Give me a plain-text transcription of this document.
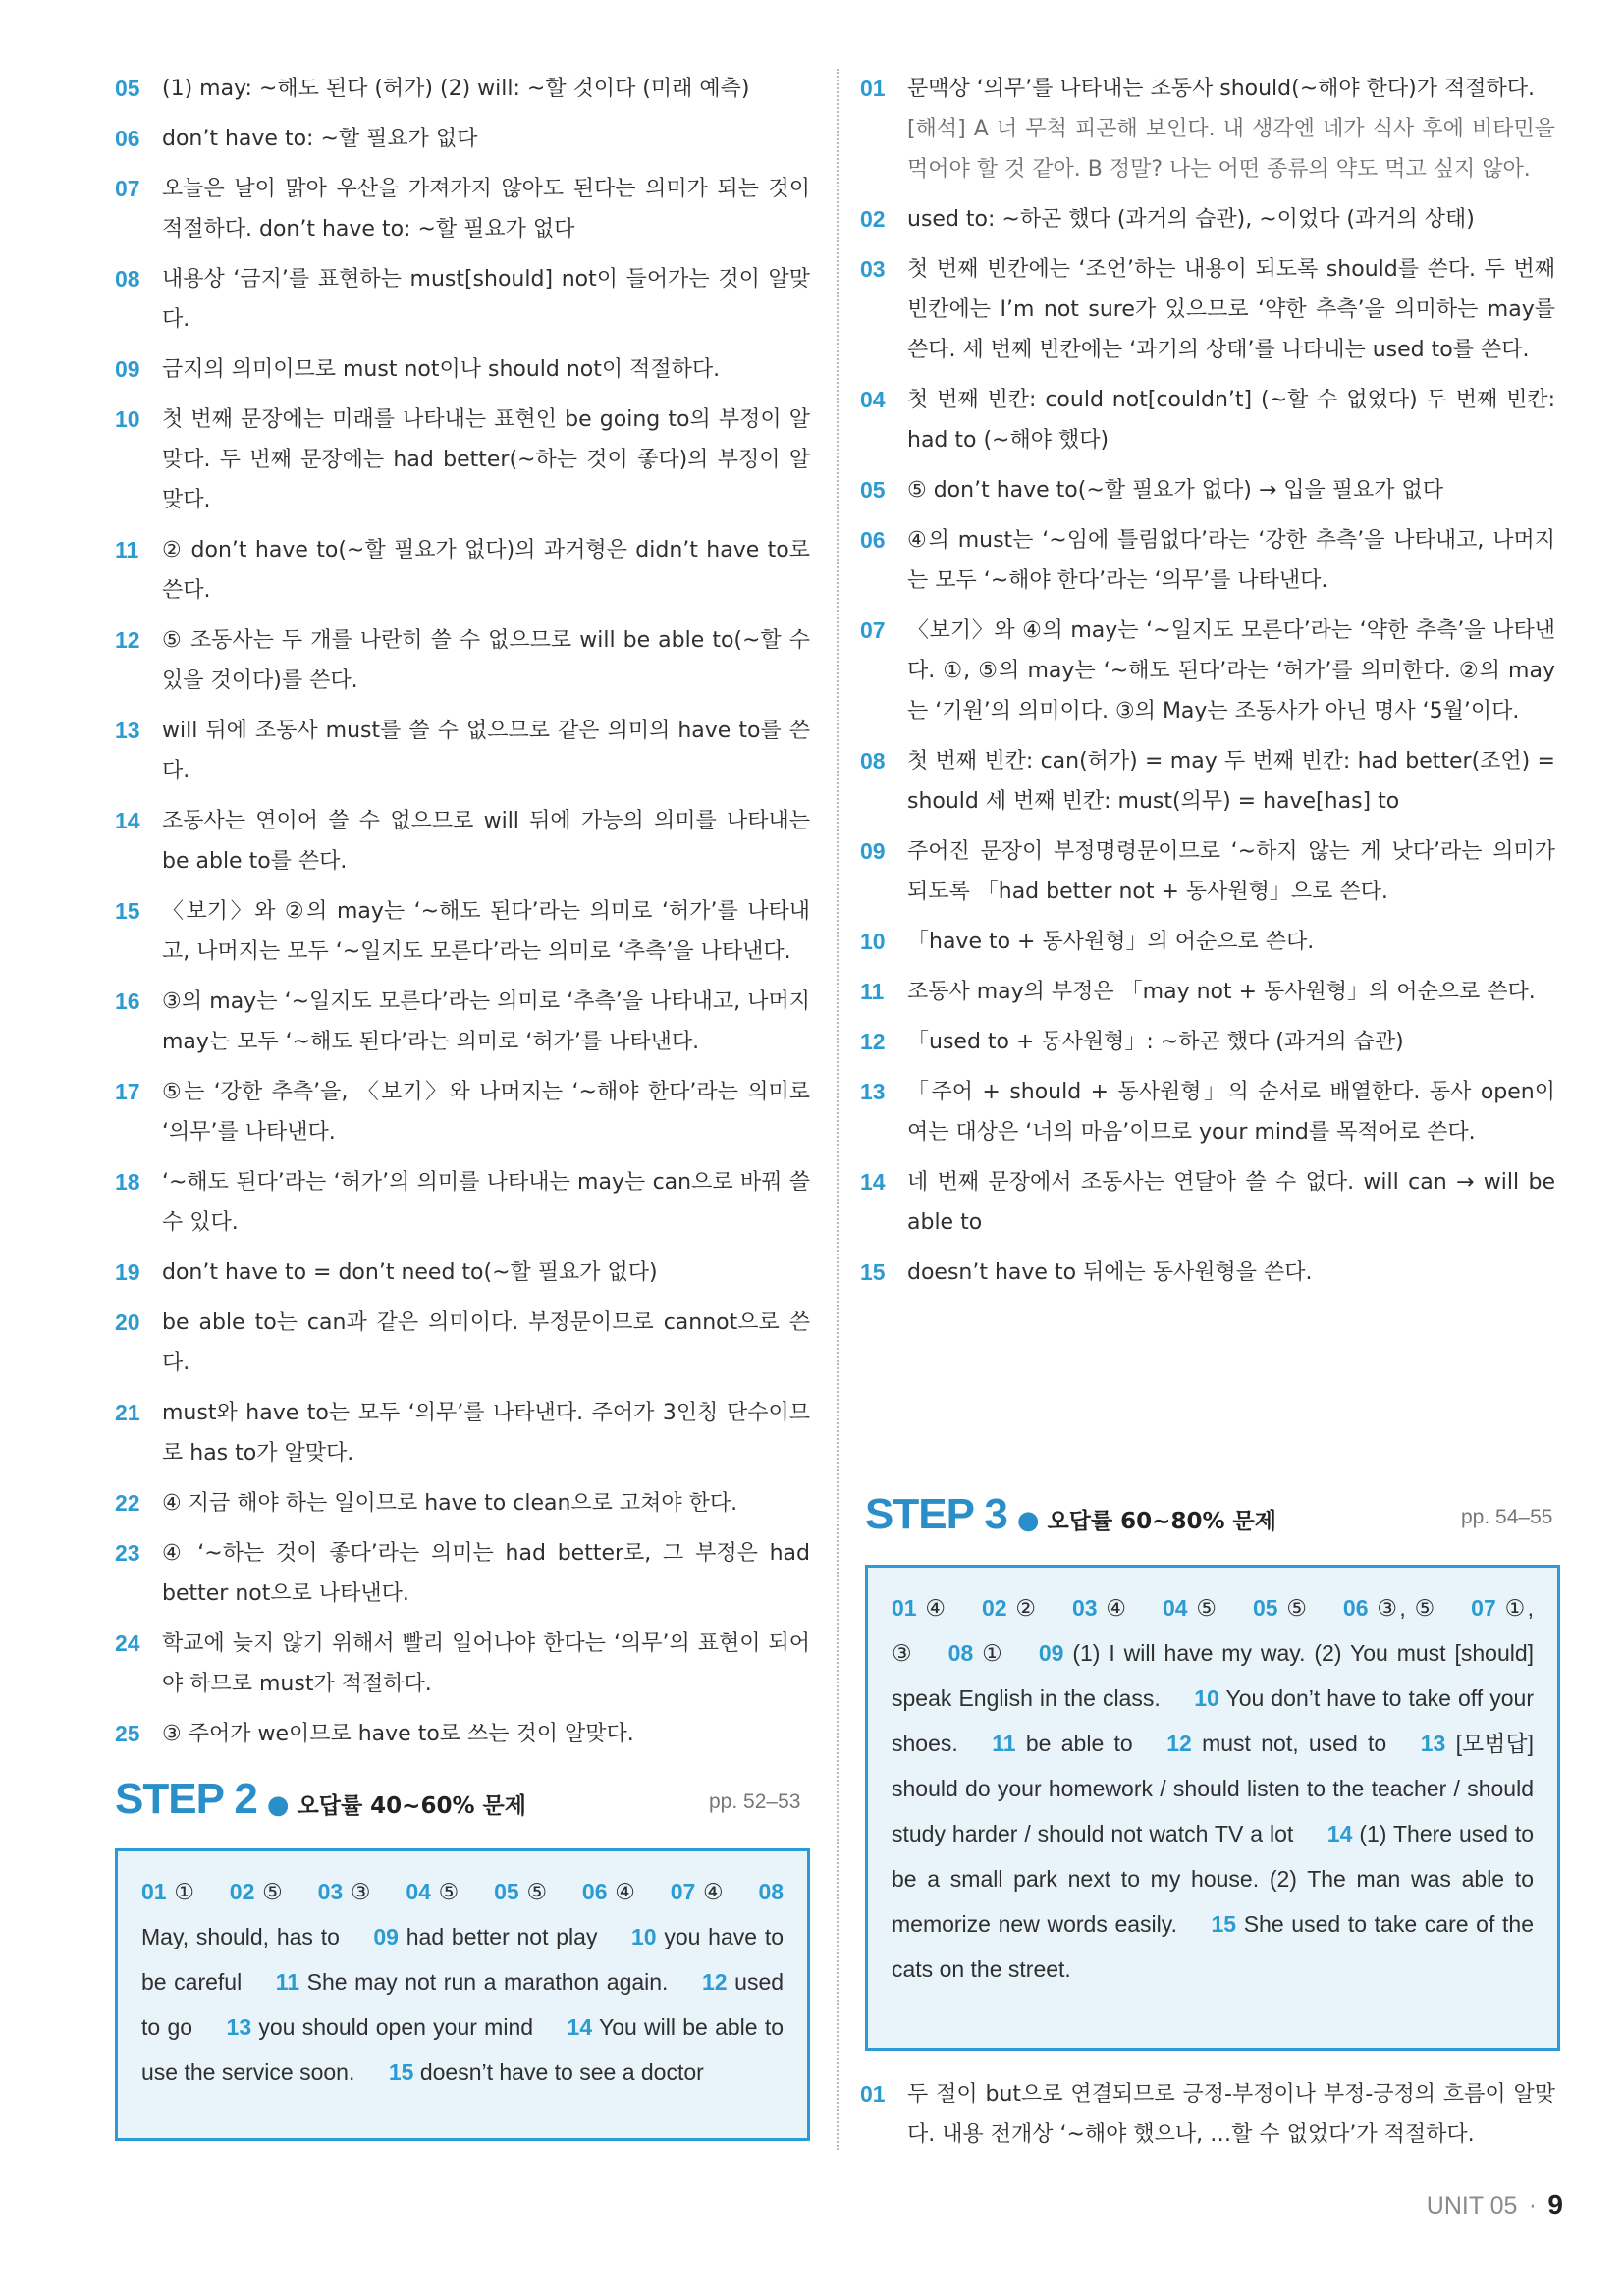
05	(1) may: ~해도 된다 (허가) (2) will: ~할 것이다 (미래 예측)
06	don’t have to: ~할 필요가 없다
07	오늘은 날이 맑아 우산을 가져가지 않아도 된다는 의미가 되는 것이 적절하다. don’t have to: ~할 필요가 없다
08	내용상 ‘금지’를 표현하는 must[should] not이 들어가는 것이 알맞다.
09	금지의 의미이므로 must not이나 should not이 적절하다.
10	첫 번째 문장에는 미래를 나타내는 표현인 be going to의 부정이 알맞다. 두 번째 문장에는 had better(~하는 것이 좋다)의 부정이 알맞다.
11	② don’t have to(~할 필요가 없다)의 과거형은 didn’t have to로 쓴다.
12	⑤ 조동사는 두 개를 나란히 쓸 수 없으므로 will be able to(~할 수 있을 것이다)를 쓴다.
13	will 뒤에 조동사 must를 쓸 수 없으므로 같은 의미의 have to를 쓴다.
14	조동사는 연이어 쓸 수 없으므로 will 뒤에 가능의 의미를 나타내는 be able to를 쓴다.
15	〈보기〉와 ②의 may는 ‘~해도 된다’라는 의미로 ‘허가’를 나타내고, 나머지는 모두 ‘~일지도 모른다’라는 의미로 ‘추측’을 나타낸다.
16	③의 may는 ‘~일지도 모른다’라는 의미로 ‘추측’을 나타내고, 나머지 may는 모두 ‘~해도 된다’라는 의미로 ‘허가’를 나타낸다.
17	⑤는 ‘강한 추측’을, 〈보기〉와 나머지는 ‘~해야 한다’라는 의미로 ‘의무’를 나타낸다.
18	‘~해도 된다’라는 ‘허가’의 의미를 나타내는 may는 can으로 바꿔 쓸 수 있다.
19	don’t have to = don’t need to(~할 필요가 없다)
20	be able to는 can과 같은 의미이다. 부정문이므로 cannot으로 쓴다.
21	must와 have to는 모두 ‘의무’를 나타낸다. 주어가 3인칭 단수이므로 has to가 알맞다.
22	④ 지금 해야 하는 일이므로 have to clean으로 고쳐야 한다.
23	④ ‘~하는 것이 좋다’라는 의미는 had better로, 그 부정은 had better not으로 나타낸다.
24	학교에 늦지 않기 위해서 빨리 일어나야 한다는 ‘의무’의 표현이 되어야 하므로 must가 적절하다.
25	③ 주어가 we이므로 have to로 쓰는 것이 알맞다.
STEP 2 ● 오답률 40~60% 문제	pp. 52–53
01 ①   02 ⑤   03 ③   04 ⑤   05 ⑤   06 ④   07 ④   08 May, should, has to   09 had better not play   10 you have to be careful   11 She may not run a marathon again.   12 used to go   13 you should open your mind   14 You will be able to use the service soon.   15 doesn’t have to see a doctor  
01	문맥상 ‘의무’를 나타내는 조동사 should(~해야 한다)가 적절하다.
[해석] A 너 무척 피곤해 보인다. 내 생각엔 네가 식사 후에 비타민을 먹어야 할 것 같아. B 정말? 나는 어떤 종류의 약도 먹고 싶지 않아.
02	used to: ~하곤 했다 (과거의 습관), ~이었다 (과거의 상태)
03	첫 번째 빈칸에는 ‘조언’하는 내용이 되도록 should를 쓴다. 두 번째 빈칸에는 I’m not sure가 있으므로 ‘약한 추측’을 의미하는 may를 쓴다. 세 번째 빈칸에는 ‘과거의 상태’를 나타내는 used to를 쓴다.
04	첫 번째 빈칸: could not[couldn’t] (~할 수 없었다) 두 번째 빈칸: had to (~해야 했다)
05	⑤ don’t have to(~할 필요가 없다) → 입을 필요가 없다
06	④의 must는 ‘~임에 틀림없다’라는 ‘강한 추측’을 나타내고, 나머지는 모두 ‘~해야 한다’라는 ‘의무’를 나타낸다.
07	〈보기〉와 ④의 may는 ‘~일지도 모른다’라는 ‘약한 추측’을 나타낸다. ①, ⑤의 may는 ‘~해도 된다’라는 ‘허가’를 의미한다. ②의 may는 ‘기원’의 의미이다. ③의 May는 조동사가 아닌 명사 ‘5월’이다.
08	첫 번째 빈칸: can(허가) = may 두 번째 빈칸: had better(조언) = should 세 번째 빈칸: must(의무) = have[has] to
09	주어진 문장이 부정명령문이므로 ‘~하지 않는 게 낫다’라는 의미가 되도록 「had better not + 동사원형」으로 쓴다.
10	「have to + 동사원형」의 어순으로 쓴다.
11	조동사 may의 부정은 「may not + 동사원형」의 어순으로 쓴다.
12	「used to + 동사원형」: ~하곤 했다 (과거의 습관)
13	「주어 + should + 동사원형」의 순서로 배열한다. 동사 open이 여는 대상은 ‘너의 마음’이므로 your mind를 목적어로 쓴다.
14	네 번째 문장에서 조동사는 연달아 쓸 수 없다. will can → will be able to
15	doesn’t have to 뒤에는 동사원형을 쓴다.
STEP 3 ● 오답률 60~80% 문제	pp. 54–55
01 ④   02 ②   03 ④   04 ⑤   05 ⑤   06 ③, ⑤   07 ①, ③   08 ①   09 (1) I will have my way. (2) You must [should] speak English in the class.   10 You don’t have to take off your shoes.   11 be able to   12 must not, used to   13 [모범답] should do your homework / should listen to the teacher / should study harder / should not watch TV a lot   14 (1) There used to be a small park next to my house. (2) The man was able to memorize new words easily.   15 She used to take care of the cats on the street.  
01	두 절이 but으로 연결되므로 긍정-부정이나 부정-긍정의 흐름이 알맞다. 내용 전개상 ‘~해야 했으나, …할 수 없었다’가 적절하다.
UNIT 05 · 9
